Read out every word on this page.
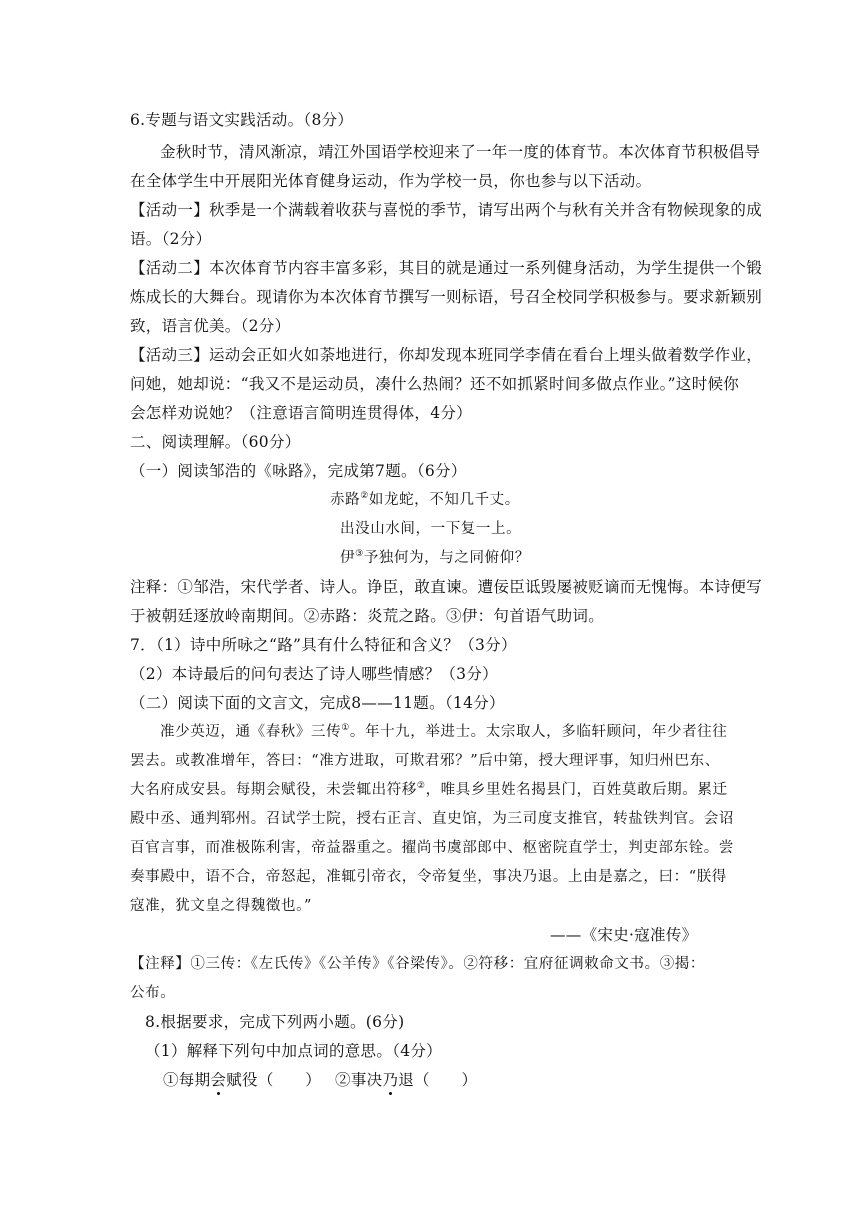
6.专题与语文实践活动。（8分）
金秋时节，清风渐凉，靖江外国语学校迎来了一年一度的体育节。本次体育节积极倡导
在全体学生中开展阳光体育健身运动，作为学校一员，你也参与以下活动。
【活动一】秋季是一个满载着收获与喜悦的季节，请写出两个与秋有关并含有物候现象的成
语。（2分）
【活动二】本次体育节内容丰富多彩，其目的就是通过一系列健身活动，为学生提供一个锻
炼成长的大舞台。现请你为本次体育节撰写一则标语，号召全校同学积极参与。要求新颖别
致，语言优美。（2分）
【活动三】运动会正如火如荼地进行，你却发现本班同学李倩在看台上埋头做着数学作业，
问她，她却说：“我又不是运动员，凑什么热闹？还不如抓紧时间多做点作业。”这时候你
会怎样劝说她？（注意语言简明连贯得体，4分）
二、阅读理解。（60分）
（一）阅读邹浩的《咏路》，完成第7题。（6分）
赤路②如龙蛇，不知几千丈。
出没山水间，一下复一上。
伊③予独何为，与之同俯仰？
注释：①邹浩，宋代学者、诗人。诤臣，敢直谏。遭佞臣诋毁屡被贬谪而无愧悔。本诗便写
于被朝廷逐放岭南期间。②赤路：炎荒之路。③伊：句首语气助词。
7．（1）诗中所咏之“路”具有什么特征和含义？（3分）
（2）本诗最后的问句表达了诗人哪些情感？（3分）
（二）阅读下面的文言文，完成8——11题。（14分）
准少英迈，通《春秋》三传①。年十九，举进士。太宗取人，多临轩顾问，年少者往往
罢去。或教准增年，答曰：“准方进取，可欺君邪？”后中第，授大理评事，知归州巴东、
大名府成安县。每期会赋役，未尝辄出符移②，唯具乡里姓名揭县门，百姓莫敢后期。累迁
殿中丞、通判郓州。召试学士院，授右正言、直史馆，为三司度支推官，转盐铁判官。会诏
百官言事，而准极陈利害，帝益器重之。擢尚书虞部郎中、枢密院直学士，判吏部东铨。尝
奏事殿中，语不合，帝怒起，准辄引帝衣，令帝复坐，事决乃退。上由是嘉之，曰：“朕得
寇准，犹文皇之得魏徵也。”
——《宋史·寇准传》
【注释】①三传：《左氏传》《公羊传》《谷梁传》。②符移：宜府征调敕命文书。③揭：
公布。
8.根据要求，完成下列两小题。(6分)
（1）解释下列句中加点词的意思。（4分）
①每期会赋役（　　） ②事决乃退（　　）
